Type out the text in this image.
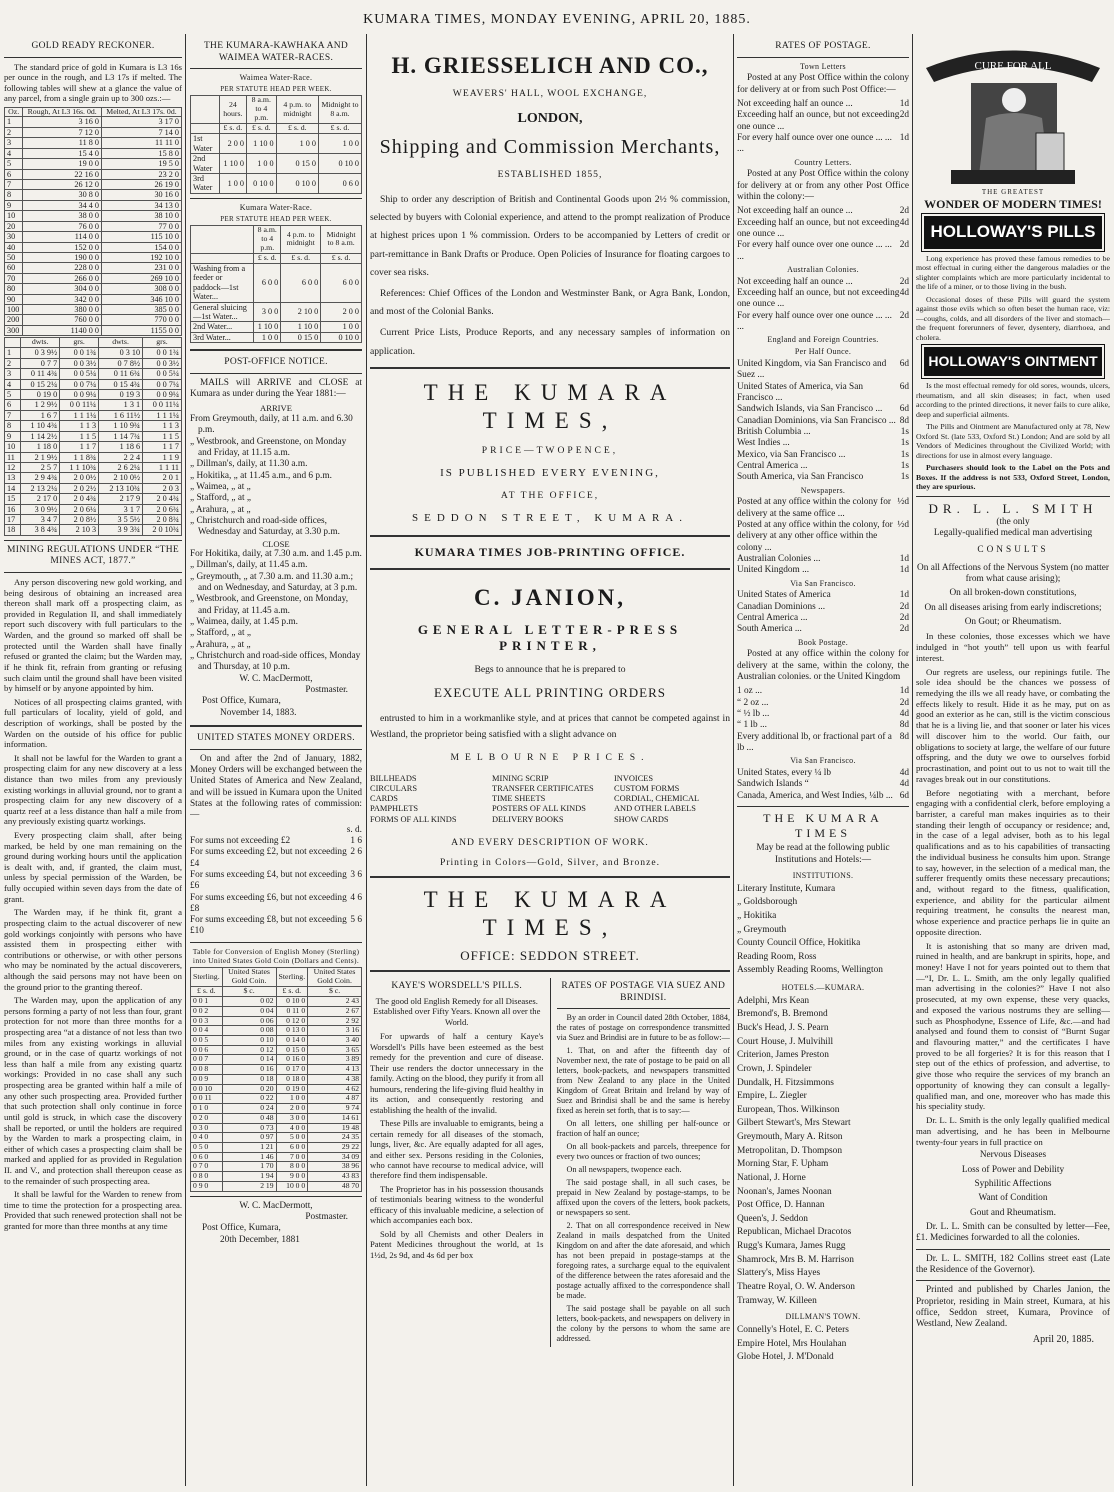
KUMARA TIMES, MONDAY EVENING, APRIL 20, 1885.
GOLD READY RECKONER.

The standard price of gold in Kumara is L3 16s per ounce in the rough, and L3 17s if melted. The following tables will shew at a glance the value of any parcel, from a single grain up to 300 ozs.:—

Oz.	Rough, At L3 16s. 0d.	Melted, At L3 17s. 0d.
1	3 16 0	3 17 0
2	7 12 0	7 14 0
3	11 8 0	11 11 0
4	15 4 0	15 8 0
5	19 0 0	19 5 0
6	22 16 0	23 2 0
7	26 12 0	26 19 0
8	30 8 0	30 16 0
9	34 4 0	34 13 0
10	38 0 0	38 10 0
20	76 0 0	77 0 0
30	114 0 0	115 10 0
40	152 0 0	154 0 0
50	190 0 0	192 10 0
60	228 0 0	231 0 0
70	266 0 0	269 10 0
80	304 0 0	308 0 0
90	342 0 0	346 10 0
100	380 0 0	385 0 0
200	760 0 0	770 0 0
300	1140 0 0	1155 0 0
	dwts.	grs.	dwts.	grs.
1	0 3 9½	0 0 1¾	0 3 10	0 0 1¾
2	0 7 7	0 0 3½	0 7 8½	0 0 3½
3	0 11 4¾	0 0 5¼	0 11 6¾	0 0 5¼
4	0 15 2¼	0 0 7¼	0 15 4¾	0 0 7¼
5	0 19 0	0 0 9¼	0 19 3	0 0 9¼
6	1 2 9½	0 0 11¼	1 3 1	0 0 11¼
7	1 6 7	1 1 1¼	1 6 11½	1 1 1¼
8	1 10 4¾	1 1 3	1 10 9¾	1 1 3
9	1 14 2½	1 1 5	1 14 7¾	1 1 5
10	1 18 0	1 1 7	1 18 6	1 1 7
11	2 1 9½	1 1 8¾	2 2 4	1 1 9
12	2 5 7	1 1 10¾	2 6 2¼	1 1 11
13	2 9 4¾	2 0 0½	2 10 0½	2 0 1
14	2 13 2¼	2 0 2½	2 13 10¾	2 0 3
15	2 17 0	2 0 4¾	2 17 9	2 0 4¾
16	3 0 9½	2 0 6¼	3 1 7	2 0 6¾
17	3 4 7	2 0 8½	3 5 5½	2 0 8¾
18	3 8 4¾	2 10 3	3 9 3¾	2 0 10¾
MINING REGULATIONS UNDER “THE MINES ACT, 1877.”

Any person discovering new gold working, and being desirous of obtaining an increased area thereon shall mark off a prospecting claim, as provided in Regulation II, and shall immediately report such discovery with full particulars to the Warden, and the ground so marked off shall be protected until the Warden shall have finally refused or granted the claim; but the Warden may, if he think fit, refrain from granting or refusing such claim until the ground shall have been visited by himself or by anyone appointed by him.

Notices of all prospecting claims granted, with full particulars of locality, yield of gold, and description of workings, shall be posted by the Warden on the outside of his office for public information.

It shall not be lawful for the Warden to grant a prospecting claim for any new discovery at a less distance than two miles from any previously existing workings in alluvial ground, nor to grant a prospecting claim for any new discovery of a quartz reef at a less distance than half a mile from any previously existing quartz workings.

Every prospecting claim shall, after being marked, be held by one man remaining on the ground during working hours until the application is dealt with, and, if granted, the claim must, unless by special permission of the Warden, be fully occupied within seven days from the date of grant.

The Warden may, if he think fit, grant a prospecting claim to the actual discoverer of new gold workings conjointly with persons who have assisted them in prospecting either with contributions or otherwise, or with other persons who may be nominated by the actual discoverers, although the said persons may not have been on the ground prior to the granting thereof.

The Warden may, upon the application of any persons forming a party of not less than four, grant protection for not more than three months for a prospecting area “at a distance of not less than two miles from any existing workings in alluvial ground, or in the case of quartz workings of not less than half a mile from any existing quartz workings: Provided in no case shall any such prospecting area be granted within half a mile of any other such prospecting area. Provided further that such protection shall only continue in force until gold is struck, in which case the discovery shall be reported, or until the holders are required by the Warden to mark a prospecting claim, in either of which cases a prospecting claim shall be marked and applied for as provided in Regulation II. and V., and protection shall thereupon cease as to the remainder of such prospecting area.

It shall be lawful for the Warden to renew from time to time the protection for a prospecting area. Provided that such renewed protection shall not be granted for more than three months at any time

THE KUMARA-KAWHAKA AND WAIMEA WATER-RACES.
Waimea Water-Race.
PER STATUTE HEAD PER WEEK.
	24 hours.	8 a.m. to 4 p.m.	4 p.m. to midnight	Midnight to 8 a.m.
	£ s. d.	£ s. d.	£ s. d.	£ s. d.
1st Water	2 0 0	1 10 0	1 0 0	1 0 0
2nd Water	1 10 0	1 0 0	0 15 0	0 10 0
3rd Water	1 0 0	0 10 0	0 10 0	0 6 0
Kumara Water-Race.
PER STATUTE HEAD PER WEEK.
	8 a.m. to 4 p.m.	4 p.m. to midnight	Midnight to 8 a.m.
	£ s. d.	£ s. d.	£ s. d.
Washing from a feeder or paddock—1st Water...	6 0 0	6 0 0	6 0 0
General sluicing—1st Water...	3 0 0	2 10 0	2 0 0
2nd Water...	1 10 0	1 10 0	1 0 0
3rd Water...	1 0 0	0 15 0	0 10 0
POST-OFFICE NOTICE.

MAILS will ARRIVE and CLOSE at Kumara as under during the Year 1881:—

ARRIVE
From Greymouth, daily, at 11 a.m. and 6.30 p.m.
„ Westbrook, and Greenstone, on Monday and Friday, at 11.15 a.m.
„ Dillman's, daily, at 11.30 a.m.
„ Hokitika, „ at 11.45 a.m., and 6 p.m.
„ Waimea, „ at „
„ Stafford, „ at „
„ Arahura, „ at „
„ Christchurch and road-side offices, Wednesday and Saturday, at 3.30 p.m.
CLOSE
For Hokitika, daily, at 7.30 a.m. and 1.45 p.m.
„ Dillman's, daily, at 11.45 a.m.
„ Greymouth, „ at 7.30 a.m. and 11.30 a.m.; and on Wednesday, and Saturday, at 3 p.m.
„ Westbrook, and Greenstone, on Monday, and Friday, at 11.45 a.m.
„ Waimea, daily, at 1.45 p.m.
„ Stafford, „ at „
„ Arahura, „ at „
„ Christchurch and road-side offices, Monday and Thursday, at 10 p.m.
W. C. MacDermott,
Postmaster.
Post Office, Kumara,
November 14, 1883.
UNITED STATES MONEY ORDERS.

On and after the 2nd of January, 1882, Money Orders will be exchanged between the United States of America and New Zealand, and will be issued in Kumara upon the United States at the following rates of commission:—

s. d.
For sums not exceeding £2	1 6
For sums exceeding £2, but not exceeding £4
2 6
For sums exceeding £4, but not exceeding £6
3 6
For sums exceeding £6, but not exceeding £8
4 6
For sums exceeding £8, but not exceeding £10
5 6
Table for Conversion of English Money (Sterling) into United States Gold Coin (Dollars and Cents).
Sterling.	United States Gold Coin.	Sterling.	United States Gold Coin.
£ s. d.	$ c.	£ s. d.	$ c.
0 0 1	0 02	0 10 0	2 43
0 0 2	0 04	0 11 0	2 67
0 0 3	0 06	0 12 0	2 92
0 0 4	0 08	0 13 0	3 16
0 0 5	0 10	0 14 0	3 40
0 0 6	0 12	0 15 0	3 65
0 0 7	0 14	0 16 0	3 89
0 0 8	0 16	0 17 0	4 13
0 0 9	0 18	0 18 0	4 38
0 0 10	0 20	0 19 0	4 62
0 0 11	0 22	1 0 0	4 87
0 1 0	0 24	2 0 0	9 74
0 2 0	0 48	3 0 0	14 61
0 3 0	0 73	4 0 0	19 48
0 4 0	0 97	5 0 0	24 35
0 5 0	1 21	6 0 0	29 22
0 6 0	1 46	7 0 0	34 09
0 7 0	1 70	8 0 0	38 96
0 8 0	1 94	9 0 0	43 83
0 9 0	2 19	10 0 0	48 70
W. C. MacDermott,
Postmaster.
Post Office, Kumara,
20th December, 1881
H. GRIESSELICH AND CO.,
WEAVERS' HALL, WOOL EXCHANGE,
LONDON,
Shipping and Commission Merchants,
ESTABLISHED 1855,

Ship to order any description of British and Continental Goods upon 2½ % commission, selected by buyers with Colonial experience, and attend to the prompt realization of Produce at highest prices upon 1 % commission. Orders to be accompanied by Letters of credit or part-remittance in Bank Drafts or Produce. Open Policies of Insurance for floating cargoes to cover sea risks.

References: Chief Offices of the London and Westminster Bank, or Agra Bank, London, and most of the Colonial Banks.

Current Price Lists, Produce Reports, and any necessary samples of information on application.

THE KUMARA TIMES,
PRICE—TWOPENCE,
IS PUBLISHED EVERY EVENING,
AT THE OFFICE,
SEDDON STREET, KUMARA.
KUMARA TIMES JOB-PRINTING OFFICE.
C. JANION,
GENERAL LETTER-PRESS PRINTER,
Begs to announce that he is prepared to
EXECUTE ALL PRINTING ORDERS

entrusted to him in a workmanlike style, and at prices that cannot be competed against in Westland, the proprietor being satisfied with a slight advance on

MELBOURNE PRICES.
BILLHEADS	MINING SCRIP	INVOICES
CIRCULARS	TRANSFER CERTIFICATES	CUSTOM FORMS
CARDS	TIME SHEETS	CORDIAL, CHEMICAL
PAMPHLETS	POSTERS OF ALL KINDS	AND OTHER LABELS
FORMS OF ALL KINDS	DELIVERY BOOKS	SHOW CARDS
AND EVERY DESCRIPTION OF WORK.
Printing in Colors—Gold, Silver, and Bronze.
THE KUMARA TIMES,
OFFICE: SEDDON STREET.
KAYE'S WORSDELL'S PILLS.
The good old English Remedy for all Diseases.
Established over Fifty Years. Known all over the World.

For upwards of half a century Kaye's Worsdell's Pills have been esteemed as the best remedy for the prevention and cure of disease. Their use renders the doctor unnecessary in the family. Acting on the blood, they purify it from all humours, rendering the life-giving fluid healthy in its action, and consequently restoring and establishing the health of the invalid.

These Pills are invaluable to emigrants, being a certain remedy for all diseases of the stomach, lungs, liver, &c. Are equally adapted for all ages, and either sex. Persons residing in the Colonies, who cannot have recourse to medical advice, will therefore find them indispensable.

The Proprietor has in his possession thousands of testimonials bearing witness to the wonderful efficacy of this invaluable medicine, a selection of which accompanies each box.

Sold by all Chemists and other Dealers in Patent Medicines throughout the world, at 1s 1½d, 2s 9d, and 4s 6d per box

RATES OF POSTAGE VIA SUEZ AND BRINDISI.

By an order in Council dated 28th October, 1884, the rates of postage on correspondence transmitted via Suez and Brindisi are in future to be as follow:—

1. That, on and after the fifteenth day of November next, the rate of postage to be paid on all letters, book-packets, and newspapers transmitted from New Zealand to any place in the United Kingdom of Great Britain and Ireland by way of Suez and Brindisi shall be and the same is hereby fixed as herein set forth, that is to say:—

On all letters, one shilling per half-ounce or fraction of half an ounce;

On all book-packets and parcels, threepence for every two ounces or fraction of two ounces;

On all newspapers, twopence each.

The said postage shall, in all such cases, be prepaid in New Zealand by postage-stamps, to be affixed upon the covers of the letters, book packets, or newspapers so sent.

2. That on all correspondence received in New Zealand in mails despatched from the United Kingdom on and after the date aforesaid, and which has not been prepaid in postage-stamps at the foregoing rates, a surcharge equal to the equivalent of the difference between the rates aforesaid and the postage actually affixed to the correspondence shall be made.

The said postage shall be payable on all such letters, book-packets, and newspapers on delivery in the colony by the persons to whom the same are addressed.

RATES OF POSTAGE.
Town Letters

Posted at any Post Office within the colony for delivery at or from such Post Office:—

Not exceeding half an ounce ...	1d
Exceeding half an ounce, but not exceeding one ounce ...
2d
For every half ounce over one ounce ... ... ...
1d
Country Letters.

Posted at any Post Office within the colony for delivery at or from any other Post Office within the colony:—

Not exceeding half an ounce ...	2d
Exceeding half an ounce, but not exceeding one ounce ...
4d
For every half ounce over one ounce ... ... ...
2d
Australian Colonies.
Not exceeding half an ounce ...	2d
Exceeding half an ounce, but not exceeding one ounce ...
4d
For every half ounce over one ounce ... ... ...
2d
England and Foreign Countries.
Per Half Ounce.
United Kingdom, via San Francisco and Suez ...
6d
United States of America, via San Francisco ...
6d
Sandwich Islands, via San Francisco ... 6d
Canadian Dominions, via San Francisco ... 8d
British Columbia ...	1s
West Indies ...	1s
Mexico, via San Francisco ...	1s
Central America ...	1s
South America, via San Francisco	1s
Newspapers.
Posted at any office within the colony for delivery at the same office ...
½d
Posted at any office within the colony, for delivery at any other office within the colony ...
½d
Australian Colonies ...	1d
United Kingdom ...	1d
Via San Francisco.
United States of America	1d
Canadian Dominions ...	2d
Central America ...	2d
South America ...	2d
Book Postage.

Posted at any office within the colony for delivery at the same, within the colony, the Australian colonies. or the United Kingdom

1 oz ...	1d
“ 2 oz ...	2d
“ ½ lb ...	4d
“ 1 lb ...	8d
Every additional lb, or fractional part of a lb ...
8d
Via San Francisco.
United States, every ¼ lb	4d
Sandwich Islands “	4d
Canada, America, and West Indies, ¼lb ... 6d
THE KUMARA TIMES
May be read at the following public Institutions and Hotels:—
INSTITUTIONS.
Literary Institute, Kumara
„ Goldsborough
„ Hokitika
„ Greymouth
County Council Office, Hokitika
Reading Room, Ross
Assembly Reading Rooms, Wellington
HOTELS.—KUMARA.
Adelphi, Mrs Kean
Bremond's, B. Bremond
Buck's Head, J. S. Pearn
Court House, J. Mulvihill
Criterion, James Preston
Crown, J. Spindeler
Dundalk, H. Fitzsimmons
Empire, L. Ziegler
European, Thos. Wilkinson
Gilbert Stewart's, Mrs Stewart
Greymouth, Mary A. Ritson
Metropolitan, D. Thompson
Morning Star, F. Upham
National, J. Horne
Noonan's, James Noonan
Post Office, D. Hannan
Queen's, J. Seddon
Republican, Michael Dracotos
Rugg's Kumara, James Rugg
Shamrock, Mrs B. M. Harrison
Slattery's, Miss Hayes
Theatre Royal, O. W. Anderson
Tramway, W. Killeen
DILLMAN'S TOWN.
Connelly's Hotel, E. C. Peters
Empire Hotel, Mrs Houlahan
Globe Hotel, J. M'Donald
CURE FOR ALL
THE GREATEST
WONDER OF MODERN TIMES!
HOLLOWAY'S PILLS

Long experience has proved these famous remedies to be most effectual in curing either the dangerous maladies or the slighter complaints which are more particularly incidental to the life of a miner, or to those living in the bush.

Occasional doses of these Pills will guard the system against those evils which so often beset the human race, viz:—coughs, colds, and all disorders of the liver and stomach—the frequent forerunners of fever, dysentery, diarrhoea, and cholera.

HOLLOWAY'S OINTMENT

Is the most effectual remedy for old sores, wounds, ulcers, rheumatism, and all skin diseases; in fact, when used according to the printed directions, it never fails to cure alike, deep and superficial ailments.

The Pills and Ointment are Manufactured only at 78, New Oxford St. (late 533, Oxford St.) London; And are sold by all Vendors of Medicines throughout the Civilized World; with directions for use in almost every language.

Purchasers should look to the Label on the Pots and Boxes. If the address is not 533, Oxford Street, London, they are spurious.

DR. L. L. SMITH
(the only
Legally-qualified medical man advertising
CONSULTS
On all Affections of the Nervous System (no matter from what cause arising);
On all broken-down constitutions,
On all diseases arising from early indiscretions;
On Gout; or Rheumatism.

In these colonies, those excesses which we have indulged in “hot youth” tell upon us with fearful interest.

Our regrets are useless, our repinings futile. The sole idea should be the chances we possess of remedying the ills we all ready have, or combating the effects likely to result. Hide it as he may, put on as good an exterior as he can, still is the victim conscious that he is a living lie, and that sooner or later his vices will discover him to the world. Our faith, our obligations to society at large, the welfare of our future offspring, and the duty we owe to ourselves forbid procrastination, and point out to us not to wait till the ravages break out in our constitutions.

Before negotiating with a merchant, before engaging with a confidential clerk, before employing a barrister, a careful man makes inquiries as to their standing their length of occupancy or residence; and, in the case of a legal adviser, both as to his legal qualifications and as to his capabilities of transacting the individual business he consults him upon. Strange to say, however, in the selection of a medical man, the sufferer frequently omits these necessary precautions; and, without regard to the fitness, qualification, experience, and ability for the particular ailment requiring treatment, he consults the nearest man, whose experience and practice perhaps lie in quite an opposite direction.

It is astonishing that so many are driven mad, ruined in health, and are bankrupt in spirits, hope, and money! Have I not for years pointed out to them that—“I, Dr. L. L. Smith, am the only legally qualified man advertising in the colonies?” Have I not also prosecuted, at my own expense, these very quacks, and exposed the various nostrums they are selling—such as Phosphodyne, Essence of Life, &c.—and had analysed and found them to consist of “Burnt Sugar and flavouring matter,” and the certificates I have proved to be all forgeries? It is for this reason that I step out of the ethics of profession, and advertise, to give those who require the services of my branch an opportunity of knowing they can consult a legally-qualified man, and one, moreover who has made this his speciality study.

Dr. L. L. Smith is the only legally qualified medical man advertising, and he has been in Melbourne twenty-four years in full practice on

Nervous Diseases
Loss of Power and Debility
Syphilitic Affections
Want of Condition
Gout and Rheumatism.

Dr. L. L. Smith can be consulted by letter—Fee, £1. Medicines forwarded to all the colonies.

Dr. L. L. SMITH, 182 Collins street east (Late the Residence of the Governor).

Printed and published by Charles Janion, the Proprietor, residing in Main street, Kumara, at his office, Seddon street, Kumara, Province of Westland, New Zealand.

April 20, 1885.
